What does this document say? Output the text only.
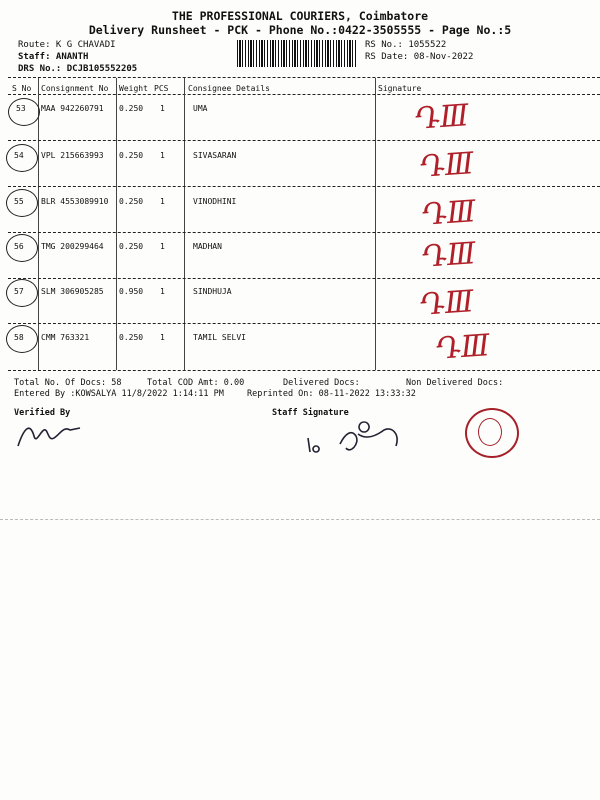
THE PROFESSIONAL COURIERS, Coimbatore
Delivery Runsheet - PCK - Phone No.:0422-3505555 - Page No.:5
Route: K G CHAVADI
Staff: ANANTH
DRS No.: DCJB105552205
RS No.: 1055522
RS Date: 08-Nov-2022
S No Consignment No Weight PCS Consignee Details	Signature
53 MAA 942260791 0.250 1	UMA	ԴⅢ
54 VPL 215663993 0.250 1	SIVASARAN	ԴⅢ
55 BLR 4553089910 0.250 1	VINODHINI	ԴⅢ
56 TMG 200299464 0.250 1	MADHAN	ԴⅢ
57 SLM 306905285 0.950 1	SINDHUJA	ԴⅢ
58 CMM 763321	0.250 1	TAMIL SELVI	ԴⅢ
Total No. Of Docs: 58	Total COD Amt: 0.00	Delivered Docs:	Non Delivered Docs:
Entered By :KOWSALYA 11/8/2022 1:14:11 PM	Reprinted On: 08-11-2022 13:33:32
Verified By	Staff Signature
